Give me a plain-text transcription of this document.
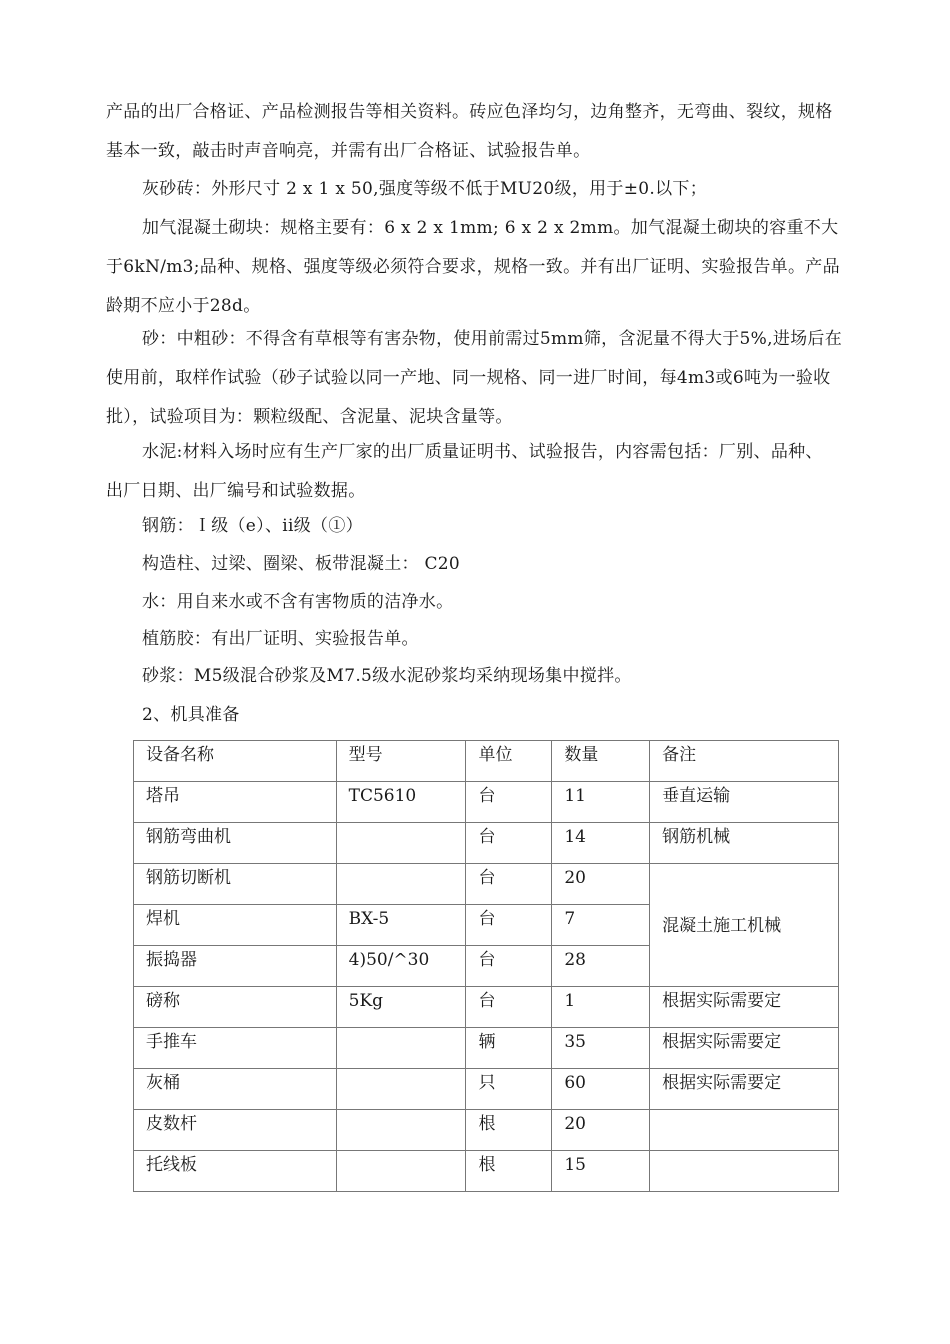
产品的出厂合格证、产品检测报告等相关资料。砖应色泽均匀，边角整齐，无弯曲、裂纹，规格
基本一致，敲击时声音响亮，并需有出厂合格证、试验报告单。
灰砂砖：外形尺寸 2 x 1 x 50,强度等级不低于MU20级，用于±0.以下；
加气混凝土砌块：规格主要有：6 x 2 x 1mm; 6 x 2 x 2mm。加气混凝土砌块的容重不大
于6kN/m3;品种、规格、强度等级必须符合要求，规格一致。并有出厂证明、实验报告单。产品
龄期不应小于28d。
砂：中粗砂：不得含有草根等有害杂物，使用前需过5mm筛，含泥量不得大于5%,进场后在
使用前，取样作试验（砂子试验以同一产地、同一规格、同一进厂时间，每4m3或6吨为一验收
批），试验项目为：颗粒级配、含泥量、泥块含量等。
水泥:材料入场时应有生产厂家的出厂质量证明书、试验报告，内容需包括：厂别、品种、
出厂日期、出厂编号和试验数据。
钢筋：Ｉ级（e）、ii级（①）
构造柱、过梁、圈梁、板带混凝土： C20
水：用自来水或不含有害物质的洁净水。
植筋胶：有出厂证明、实验报告单。
砂浆：M5级混合砂浆及M7.5级水泥砂浆均采纳现场集中搅拌。
2、机具准备
设备名称	型号	单位	数量	备注
塔吊	TC5610	台	11	垂直运输
钢筋弯曲机		台	14	钢筋机械
钢筋切断机		台	20	混凝土施工机械
焊机	BX-5	台	7	
振捣器	4)50/^30	台	28	
磅称	5Kg	台	1	根据实际需要定
手推车		辆	35	根据实际需要定
灰桶		只	60	根据实际需要定
皮数杆		根	20	
托线板		根	15	
